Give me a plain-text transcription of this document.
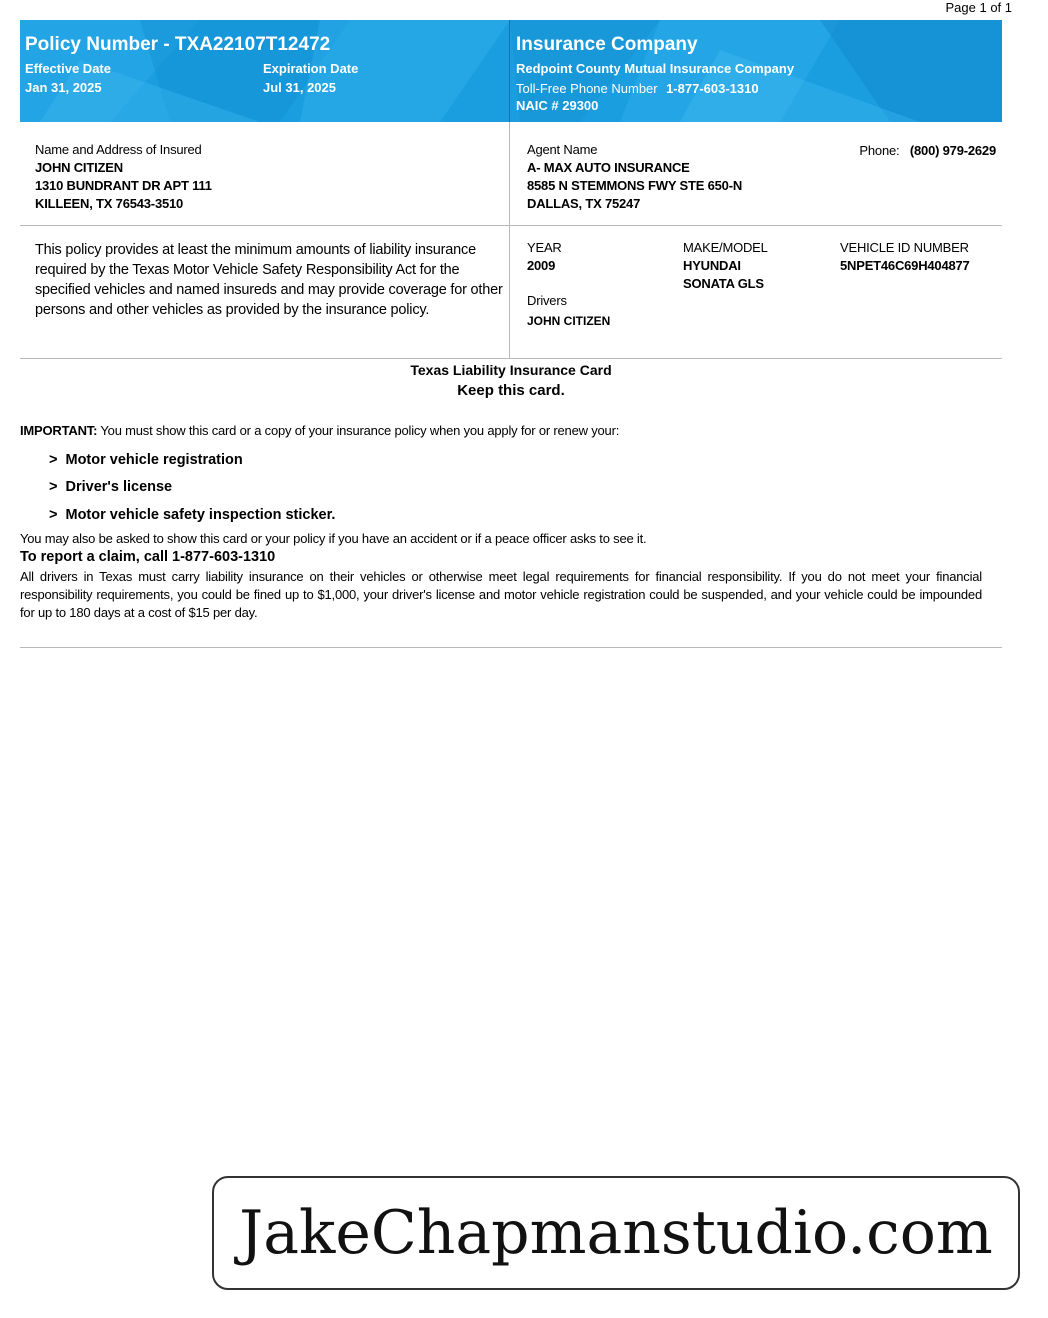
Page 1 of 1
Policy Number - TXA22107T12472
Effective Date
Jan 31, 2025
Expiration Date
Jul 31, 2025
Insurance Company
Redpoint County Mutual Insurance Company
Toll-Free Phone Number 1-877-603-1310
NAIC # 29300
Name and Address of Insured
JOHN CITIZEN
1310 BUNDRANT DR APT 111
KILLEEN, TX 76543-3510
Agent Name
A- MAX AUTO INSURANCE
8585 N STEMMONS FWY STE 650-N
DALLAS, TX 75247
Phone: (800) 979-2629
This policy provides at least the minimum amounts of liability insurance required by the Texas Motor Vehicle Safety Responsibility Act for the specified vehicles and named insureds and may provide coverage for other persons and other vehicles as provided by the insurance policy.
YEAR
2009
MAKE/MODEL
HYUNDAI
SONATA GLS
VEHICLE ID NUMBER
5NPET46C69H404877
Drivers
JOHN CITIZEN
Texas Liability Insurance Card
Keep this card.
IMPORTANT: You must show this card or a copy of your insurance policy when you apply for or renew your:
> Motor vehicle registration
> Driver's license
> Motor vehicle safety inspection sticker.
You may also be asked to show this card or your policy if you have an accident or if a peace officer asks to see it.
To report a claim, call 1-877-603-1310
All drivers in Texas must carry liability insurance on their vehicles or otherwise meet legal requirements for financial responsibility. If you do not meet your financial responsibility requirements, you could be fined up to $1,000, your driver's license and motor vehicle registration could be suspended, and your vehicle could be impounded for up to 180 days at a cost of $15 per day.
JakeChapmanstudio.com
